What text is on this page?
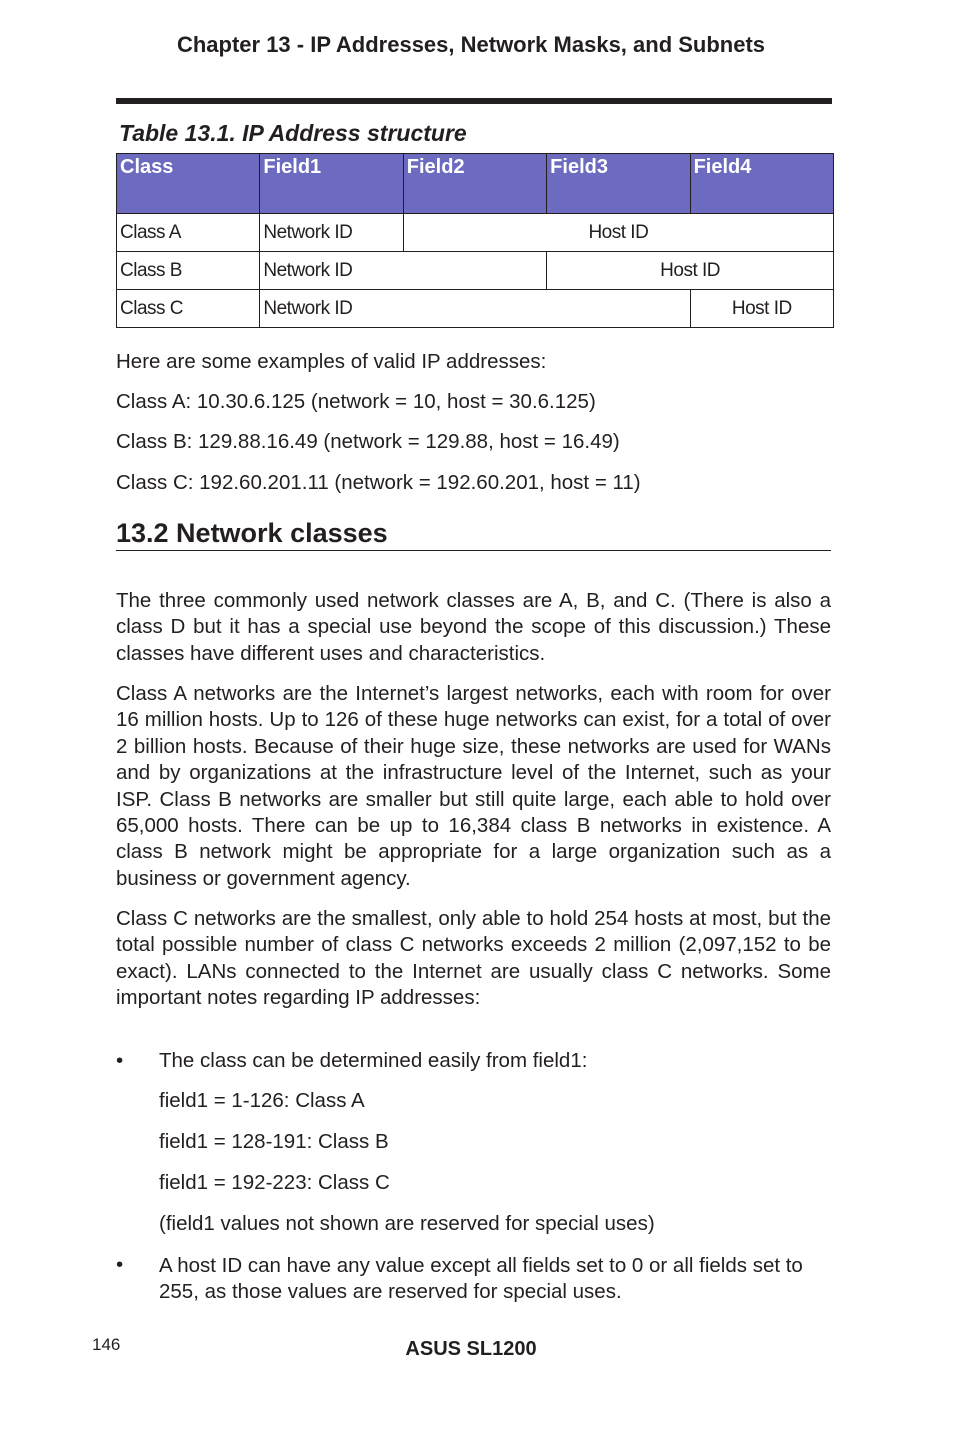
Chapter 13 - IP Addresses, Network Masks, and Subnets
Table 13.1. IP Address structure
Class	Field1	Field2	Field3	Field4
Class A	Network ID	Host ID		
Class B	Network ID		Host ID	
Class C	Network ID			Host ID
Here are some examples of valid IP addresses:
Class A: 10.30.6.125 (network = 10, host = 30.6.125)
Class B: 129.88.16.49 (network = 129.88, host = 16.49)
Class C: 192.60.201.11 (network = 192.60.201, host = 11)
13.2 Network classes
The three commonly used network classes are A, B, and C. (There is also a class D but it has a special use beyond the scope of this discussion.) These classes have different uses and characteristics.
Class A networks are the Internet’s largest networks, each with room for over 16 million hosts. Up to 126 of these huge networks can exist, for a total of over 2 billion hosts. Because of their huge size, these networks are used for WANs and by organizations at the infrastructure level of the Internet, such as your ISP. Class B networks are smaller but still quite large, each able to hold over 65,000 hosts. There can be up to 16,384 class B networks in existence. A class B network might be appropriate for a large organization such as a business or government agency.
Class C networks are the smallest, only able to hold 254 hosts at most, but the total possible number of class C networks exceeds 2 million (2,097,152 to be exact). LANs connected to the Internet are usually class C networks. Some important notes regarding IP addresses:
• The class can be determined easily from field1:
field1 = 1-126: Class A
field1 = 128-191: Class B
field1 = 192-223: Class C
(field1 values not shown are reserved for special uses)
• A host ID can have any value except all fields set to 0 or all fields set to 255, as those values are reserved for special uses.
146	ASUS SL1200
